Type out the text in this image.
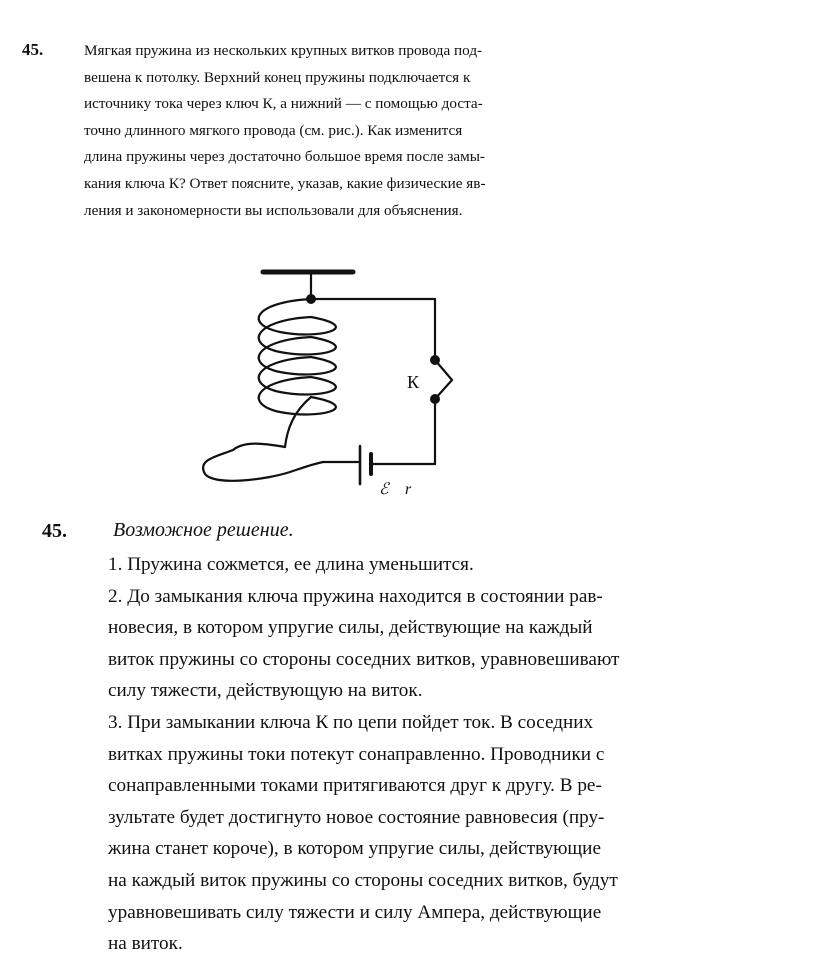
45.	Мягкая пружина из нескольких крупных витков провода под-
вешена к потолку. Верхний конец пружины подключается к
источнику тока через ключ К, а нижний — с помощью доста-
точно длинного мягкого провода (см. рис.). Как изменится
длина пружины через достаточно большое время после замы-
кания ключа К? Ответ поясните, указав, какие физические яв-
ления и закономерности вы использовали для объяснения.

К
ℰ r
45. Возможное решение.

1. Пружина сожмется, ее длина уменьшится.
2. До замыкания ключа пружина находится в состоянии рав-
новесия, в котором упругие силы, действующие на каждый
виток пружины со стороны соседних витков, уравновешивают
силу тяжести, действующую на виток.
3. При замыкании ключа К по цепи пойдет ток. В соседних
витках пружины токи потекут сонаправленно. Проводники с
сонаправленными токами притягиваются друг к другу. В ре-
зультате будет достигнуто новое состояние равновесия (пру-
жина станет короче), в котором упругие силы, действующие
на каждый виток пружины со стороны соседних витков, будут
уравновешивать силу тяжести и силу Ампера, действующие
на виток.
